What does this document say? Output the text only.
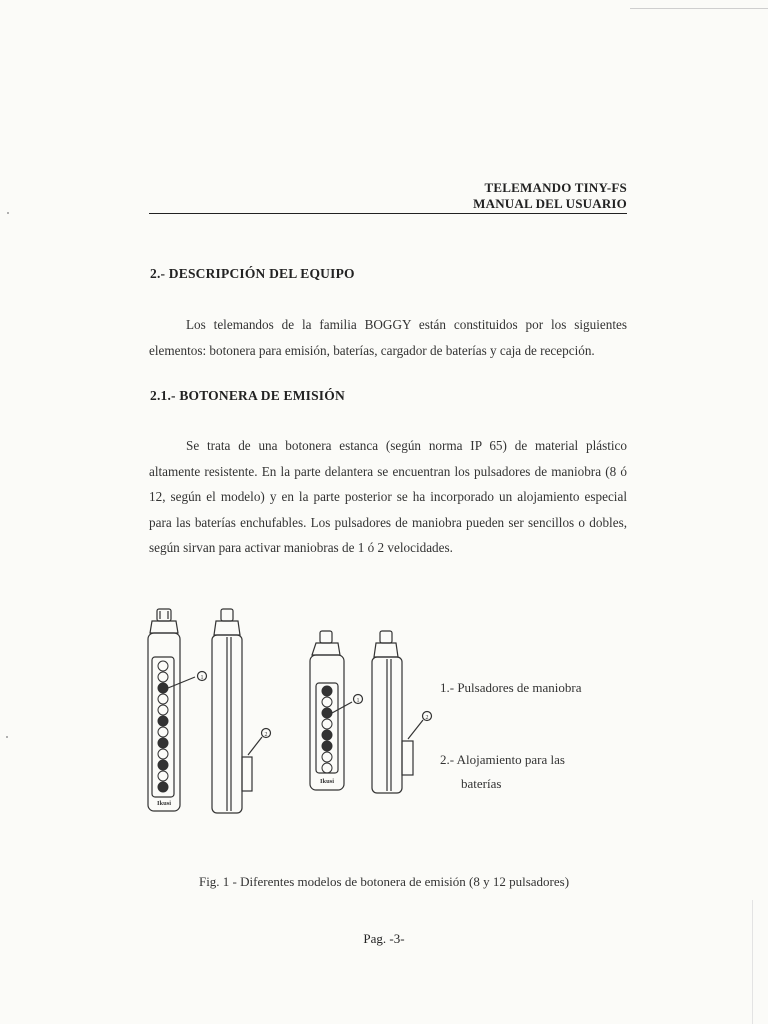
TELEMANDO TINY-FS
MANUAL DEL USUARIO
2.- DESCRIPCIÓN DEL EQUIPO

Los telemandos de la familia BOGGY están constituidos por los siguientes elementos: botonera para emisión, baterías, cargador de baterías y caja de recepción.

2.1.- BOTONERA DE EMISIÓN

Se trata de una botonera estanca (según norma IP 65) de material plástico altamente resistente. En la parte delantera se encuentran los pulsadores de maniobra (8 ó 12, según el modelo) y en la parte posterior se ha incorporado un alojamiento especial para las baterías enchufables. Los pulsadores de maniobra pueden ser sencillos o dobles, según sirvan para activar maniobras de 1 ó 2 velocidades.

1
1
2
2
Ikusi
Ikusi
1.- Pulsadores de maniobra
2.- Alojamiento para las
baterías
Fig. 1 - Diferentes modelos de botonera de emisión (8 y 12 pulsadores)
Pag. -3-
